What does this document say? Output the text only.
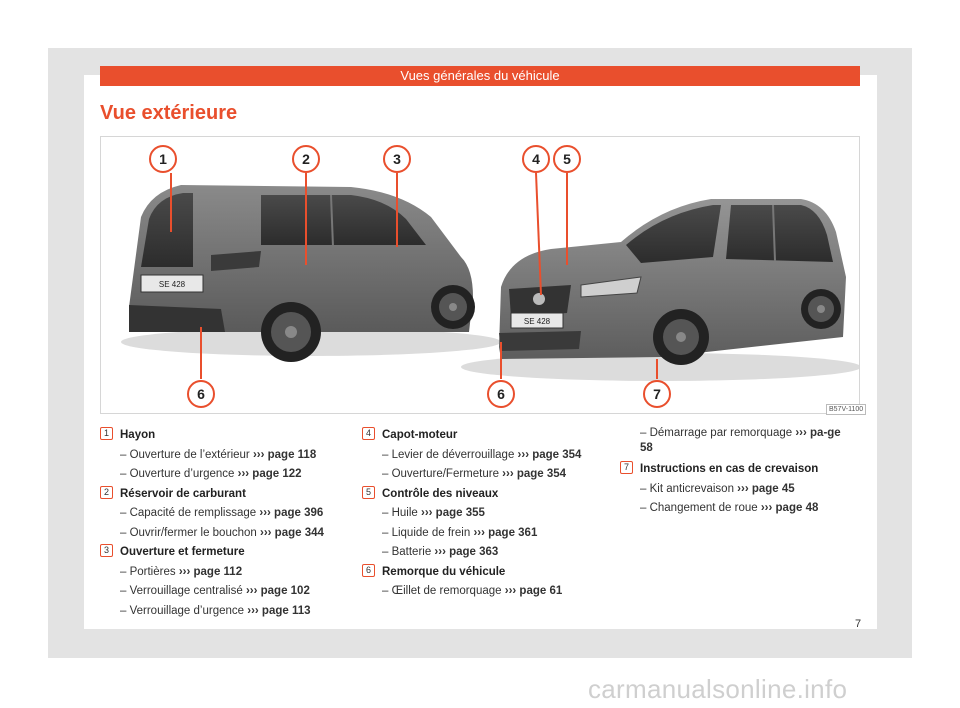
Vues générales du véhicule
Vue extérieure
SE 428
SE 428
1	2	3	4 5
6	6	7
B57V-1100
1 Hayon
– Ouverture de l’extérieur ››› page 118
– Ouverture d’urgence ››› page 122
2 Réservoir de carburant
– Capacité de remplissage ››› page 396
– Ouvrir/fermer le bouchon ››› page 344
3 Ouverture et fermeture
– Portières ››› page 112
– Verrouillage centralisé ››› page 102
– Verrouillage d’urgence ››› page 113
4 Capot-moteur
– Levier de déverrouillage ››› page 354
– Ouverture/Fermeture ››› page 354
5 Contrôle des niveaux
– Huile ››› page 355
– Liquide de frein ››› page 361
– Batterie ››› page 363
6 Remorque du véhicule
– Œillet de remorquage ››› page 61
– Démarrage par remorquage ››› pa-ge 58
7 Instructions en cas de crevaison
– Kit anticrevaison ››› page 45
– Changement de roue ››› page 48
7
carmanualsonline.info
